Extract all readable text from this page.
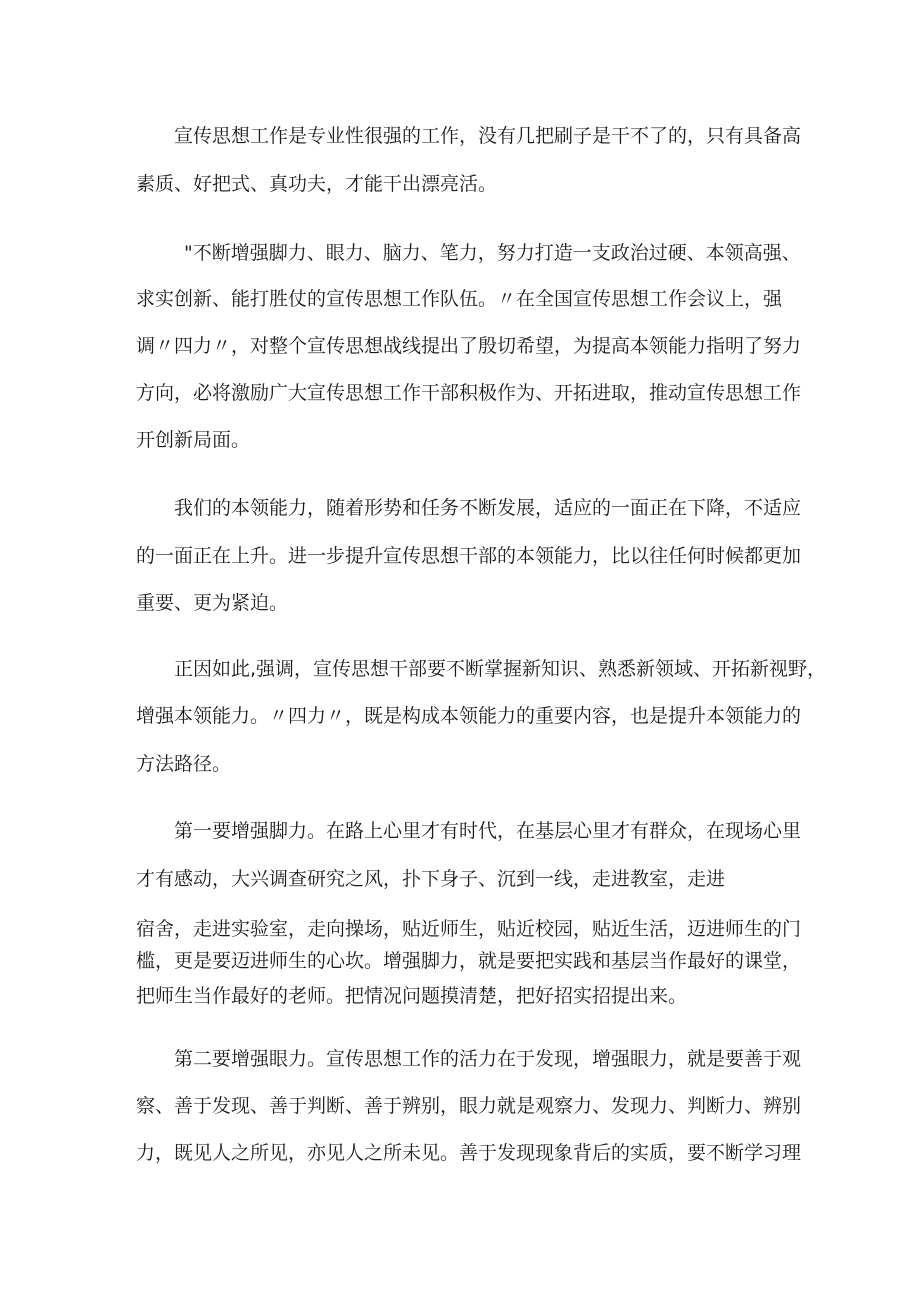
宣传思想工作是专业性很强的工作，没有几把刷子是干不了的，只有具备高
素质、好把式、真功夫，才能干出漂亮活。
"不断增强脚力、眼力、脑力、笔力，努力打造一支政治过硬、本领高强、
求实创新、能打胜仗的宣传思想工作队伍。〃在全国宣传思想工作会议上，强
调〃四力〃，对整个宣传思想战线提出了殷切希望，为提高本领能力指明了努力
方向，必将激励广大宣传思想工作干部积极作为、开拓进取，推动宣传思想工作
开创新局面。
我们的本领能力，随着形势和任务不断发展，适应的一面正在下降，不适应
的一面正在上升。进一步提升宣传思想干部的本领能力，比以往任何时候都更加
重要、更为紧迫。
正因如此,强调，宣传思想干部要不断掌握新知识、熟悉新领域、开拓新视野，
增强本领能力。〃四力〃，既是构成本领能力的重要内容，也是提升本领能力的
方法路径。
第一要增强脚力。在路上心里才有时代，在基层心里才有群众，在现场心里
才有感动，大兴调查研究之风，扑下身子、沉到一线，走进教室，走进
宿舍，走进实验室，走向操场，贴近师生，贴近校园，贴近生活，迈进师生的门
槛，更是要迈进师生的心坎。增强脚力，就是要把实践和基层当作最好的课堂，
把师生当作最好的老师。把情况问题摸清楚，把好招实招提出来。
第二要增强眼力。宣传思想工作的活力在于发现，增强眼力，就是要善于观
察、善于发现、善于判断、善于辨别，眼力就是观察力、发现力、判断力、辨别
力，既见人之所见，亦见人之所未见。善于发现现象背后的实质，要不断学习理
